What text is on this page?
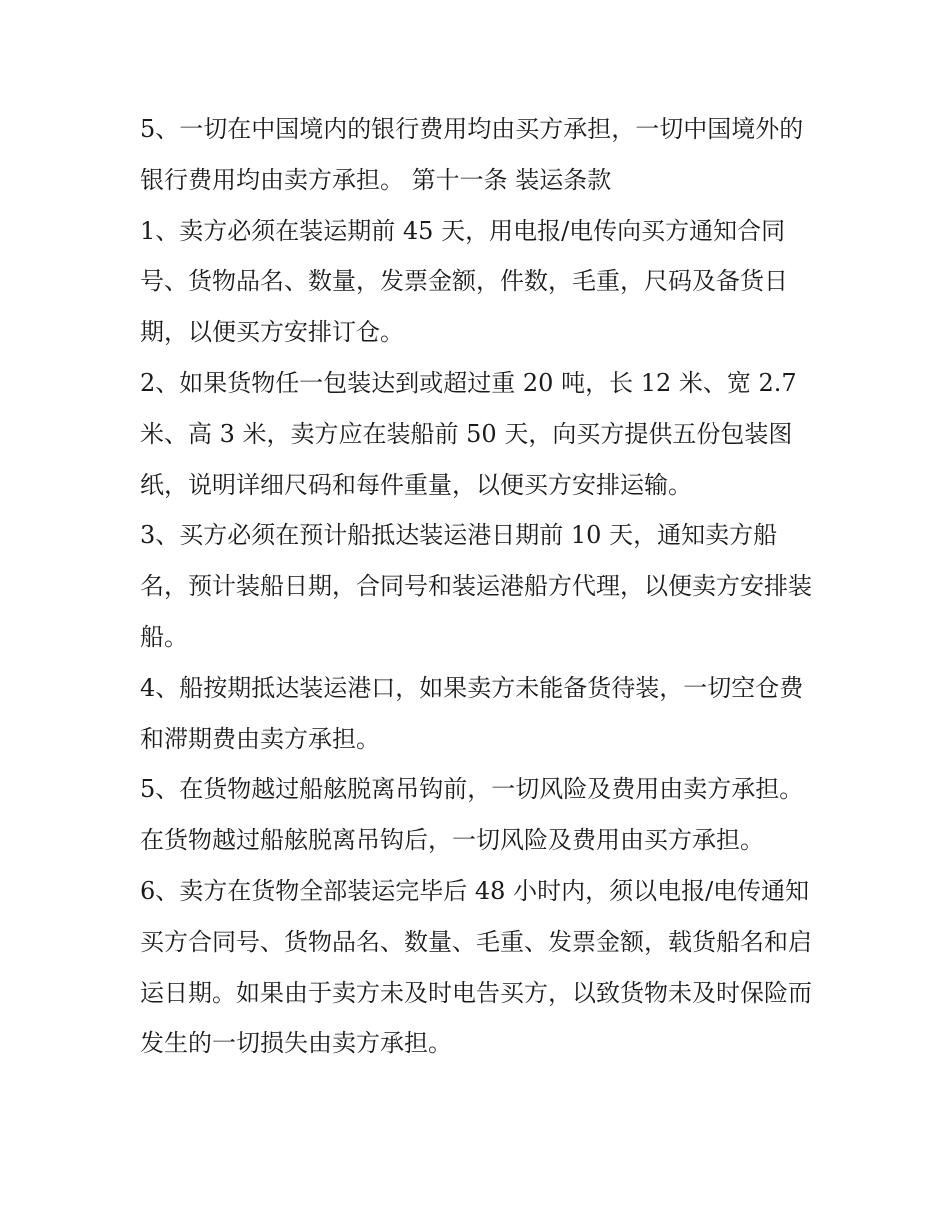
5、一切在中国境内的银行费用均由买方承担，一切中国境外的银行费用均由卖方承担。 第十一条 装运条款

1、卖方必须在装运期前 45 天，用电报/电传向买方通知合同号、货物品名、数量，发票金额，件数，毛重，尺码及备货日期，以便买方安排订仓。

2、如果货物任一包装达到或超过重 20 吨，长 12 米、宽 2.7 米、高 3 米，卖方应在装船前 50 天，向买方提供五份包装图纸，说明详细尺码和每件重量，以便买方安排运输。

3、买方必须在预计船抵达装运港日期前 10 天，通知卖方船名，预计装船日期，合同号和装运港船方代理，以便卖方安排装船。

4、船按期抵达装运港口，如果卖方未能备货待装，一切空仓费和滞期费由卖方承担。

5、在货物越过船舷脱离吊钩前，一切风险及费用由卖方承担。在货物越过船舷脱离吊钩后，一切风险及费用由买方承担。

6、卖方在货物全部装运完毕后 48 小时内，须以电报/电传通知买方合同号、货物品名、数量、毛重、发票金额，载货船名和启运日期。如果由于卖方未及时电告买方，以致货物未及时保险而发生的一切损失由卖方承担。
